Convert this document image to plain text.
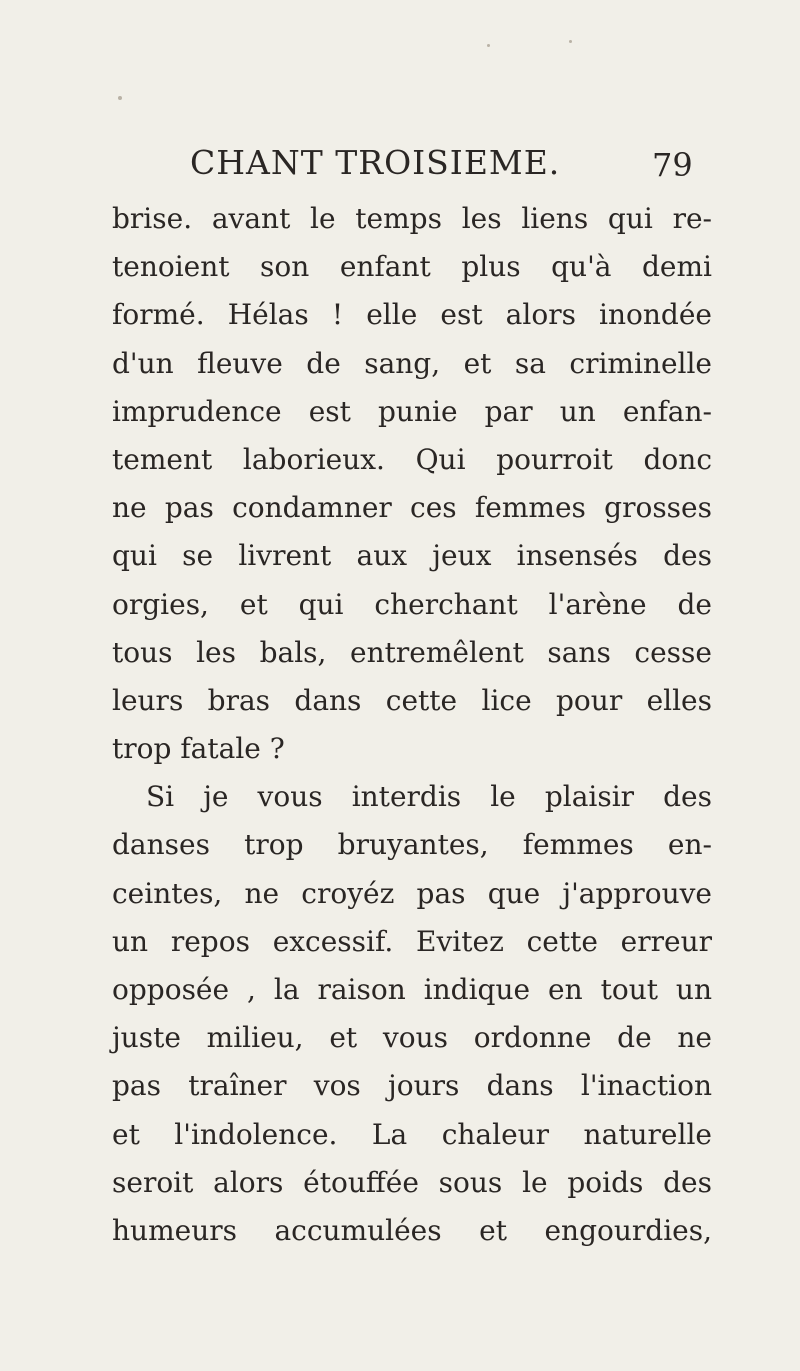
CHANT TROISIEME.	79
brise. avant le temps les liens qui re-
tenoient son enfant plus qu'à demi
formé. Hélas ! elle est alors inondée
d'un fleuve de sang, et sa criminelle
imprudence est punie par un enfan-
tement laborieux. Qui pourroit donc
ne pas condamner ces femmes grosses
qui se livrent aux jeux insensés des
orgies, et qui cherchant l'arène de
tous les bals, entremêlent sans cesse
leurs bras dans cette lice pour elles
trop fatale ?
Si je vous interdis le plaisir des
danses trop bruyantes, femmes en-
ceintes, ne croyéz pas que j'approuve
un repos excessif. Evitez cette erreur
opposée , la raison indique en tout un
juste milieu, et vous ordonne de ne
pas traîner vos jours dans l'inaction
et l'indolence. La chaleur naturelle
seroit alors étouffée sous le poids des
humeurs accumulées et engourdies,
